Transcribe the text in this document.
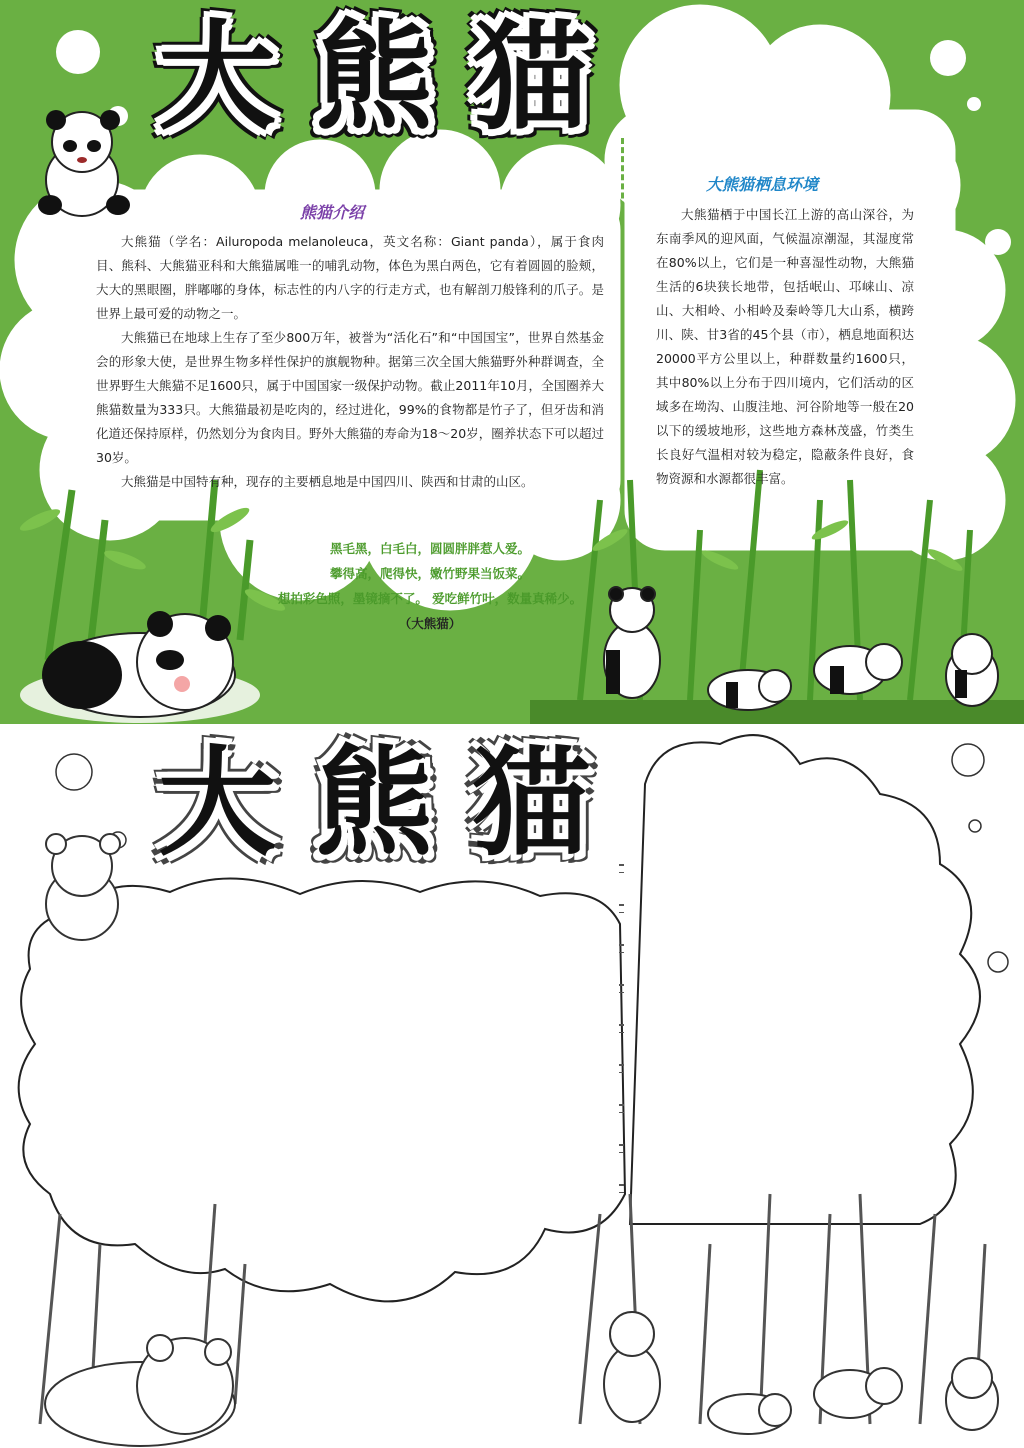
大 熊 猫
熊猫介绍

大熊猫（学名：Ailuropoda melanoleuca，英文名称：Giant panda），属于食肉目、熊科、大熊猫亚科和大熊猫属唯一的哺乳动物，体色为黑白两色，它有着圆圆的脸颊，大大的黑眼圈，胖嘟嘟的身体，标志性的内八字的行走方式，也有解剖刀般锋利的爪子。是世界上最可爱的动物之一。

大熊猫已在地球上生存了至少800万年，被誉为“活化石”和“中国国宝”，世界自然基金会的形象大使，是世界生物多样性保护的旗舰物种。据第三次全国大熊猫野外种群调查，全世界野生大熊猫不足1600只，属于中国国家一级保护动物。截止2011年10月，全国圈养大熊猫数量为333只。大熊猫最初是吃肉的，经过进化，99%的食物都是竹子了，但牙齿和消化道还保持原样，仍然划分为食肉目。野外大熊猫的寿命为18～20岁，圈养状态下可以超过30岁。

大熊猫是中国特有种，现存的主要栖息地是中国四川、陕西和甘肃的山区。

大熊猫栖息环境

大熊猫栖于中国长江上游的高山深谷，为东南季风的迎风面，气候温凉潮湿，其湿度常在80%以上，它们是一种喜湿性动物，大熊猫生活的6块狭长地带，包括岷山、邛崃山、凉山、大相岭、小相岭及秦岭等几大山系，横跨川、陕、甘3省的45个县（市），栖息地面积达20000平方公里以上，种群数量约1600只，其中80%以上分布于四川境内，它们活动的区域多在坳沟、山腹洼地、河谷阶地等一般在20以下的缓坡地形，这些地方森林茂盛，竹类生长良好气温相对较为稳定，隐蔽条件良好，食物资源和水源都很丰富。

黑毛黑，白毛白，圆圆胖胖惹人爱。
攀得高，爬得快，嫩竹野果当饭菜。
想拍彩色照，墨镜摘不了。 爱吃鲜竹叶，数量真稀少。
（大熊猫）
大 熊 猫
